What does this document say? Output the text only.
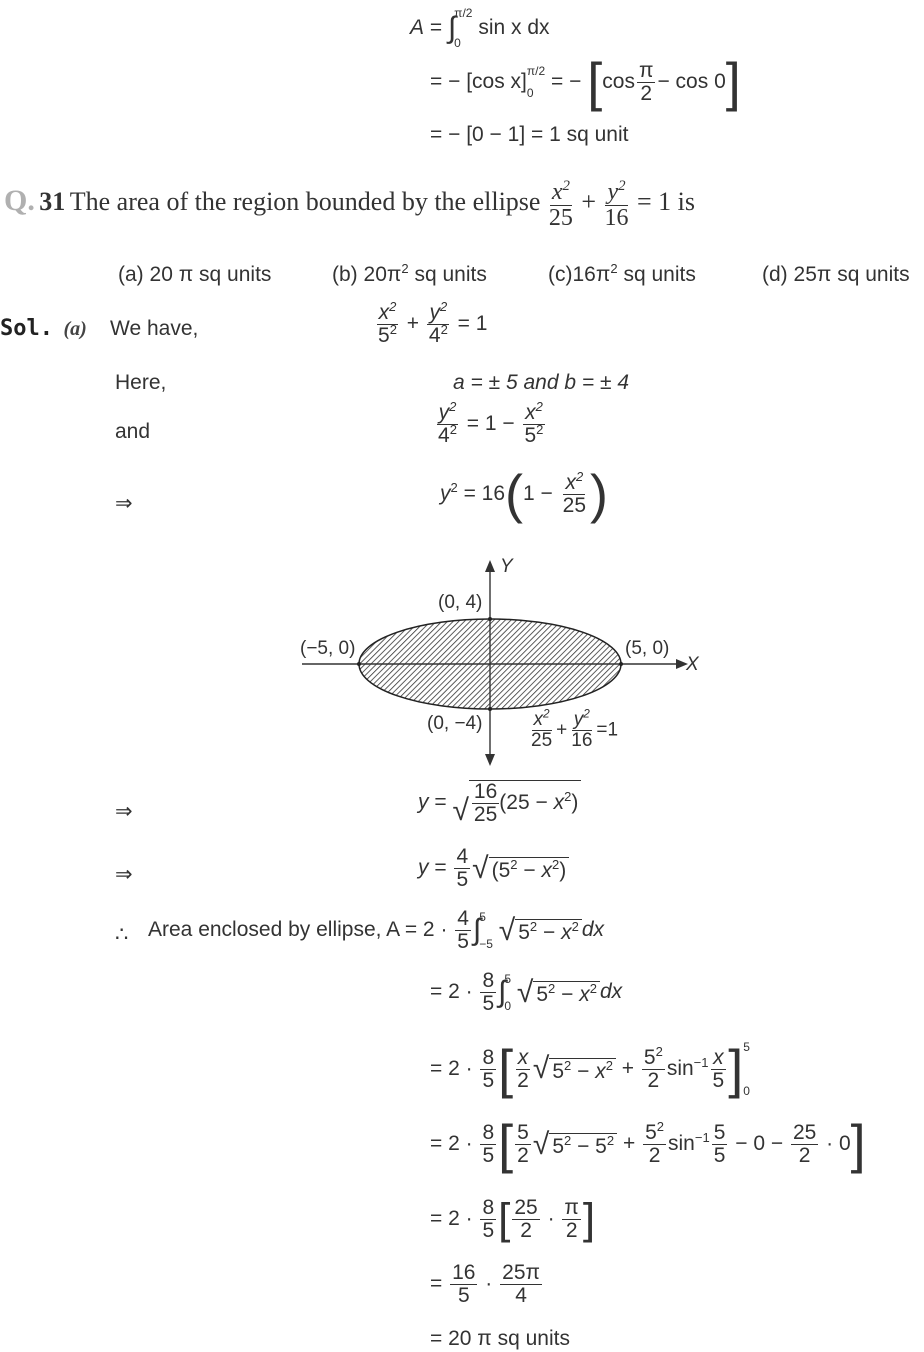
A = ∫
π/2
0
sin x dx
= − [cos x] π/2
0 = − $[\cos \frac{\pi}{2} - \cos 0]$
= − [0 − 1] = 1 sq unit
Q. 31 The area of the region bounded by the ellipse $\frac{x^2}{25} + \frac{y^2}{16} = 1$ is
(a) 20 π sq units	(b) $20\pi^2$ sq units	$(c)16\pi^2$ sq units	(d) 25π sq units
Sol. (a) We have,	$\frac{x^2}{5^2} + \frac{y^2}{4^2} = 1$
Here,	a = ± 5 and b = ± 4
and	$\frac{y^2}{4^2} = 1 - \frac{x^2}{5^2}$
⇒	$y^2 = 16(1 - \frac{x^2}{25}$ )
Y
X
(0, 4)
(0, −4)
(−5, 0)	(5, 0)
$\frac{x^2}{25} + \frac{y^2}{16} =1$
⇒	y = √ $\frac{16}{25} (25 - x^2)$
⇒	$y = \frac{4}{5}$ √ $(5^2 - x^2)$
∴ Area enclosed by ellipse, $A = 2 \cdot \frac{4}{5}$ ∫
5
−5
√ $5^2 - x^2$ dx
= $2 \cdot \frac{8}{5}$ ∫
5
0
√ $5^2 - x^2$ dx
= $2 \cdot \frac{8}{5}$ [ $\frac{x}{2}$ √ $5^2 - x^2 + \frac{5^2}{2} \sin^{-1} \frac{x}{5}$ ] 5
0
= $2 \cdot \frac{8}{5}$ [ $\frac{5}{2}$ √ $5^2 - 5^2 + \frac{5^2}{2} \sin^{-1} \frac{5}{5} - 0 - \frac{25}{2} \cdot 0$]
= $2 \cdot \frac{8}{5}$ [ $\frac{25}{2} \cdot \frac{\pi}{2}$ ]
= $\frac{16}{5} \cdot \frac{25\pi}{4}$
= 20 π sq units
